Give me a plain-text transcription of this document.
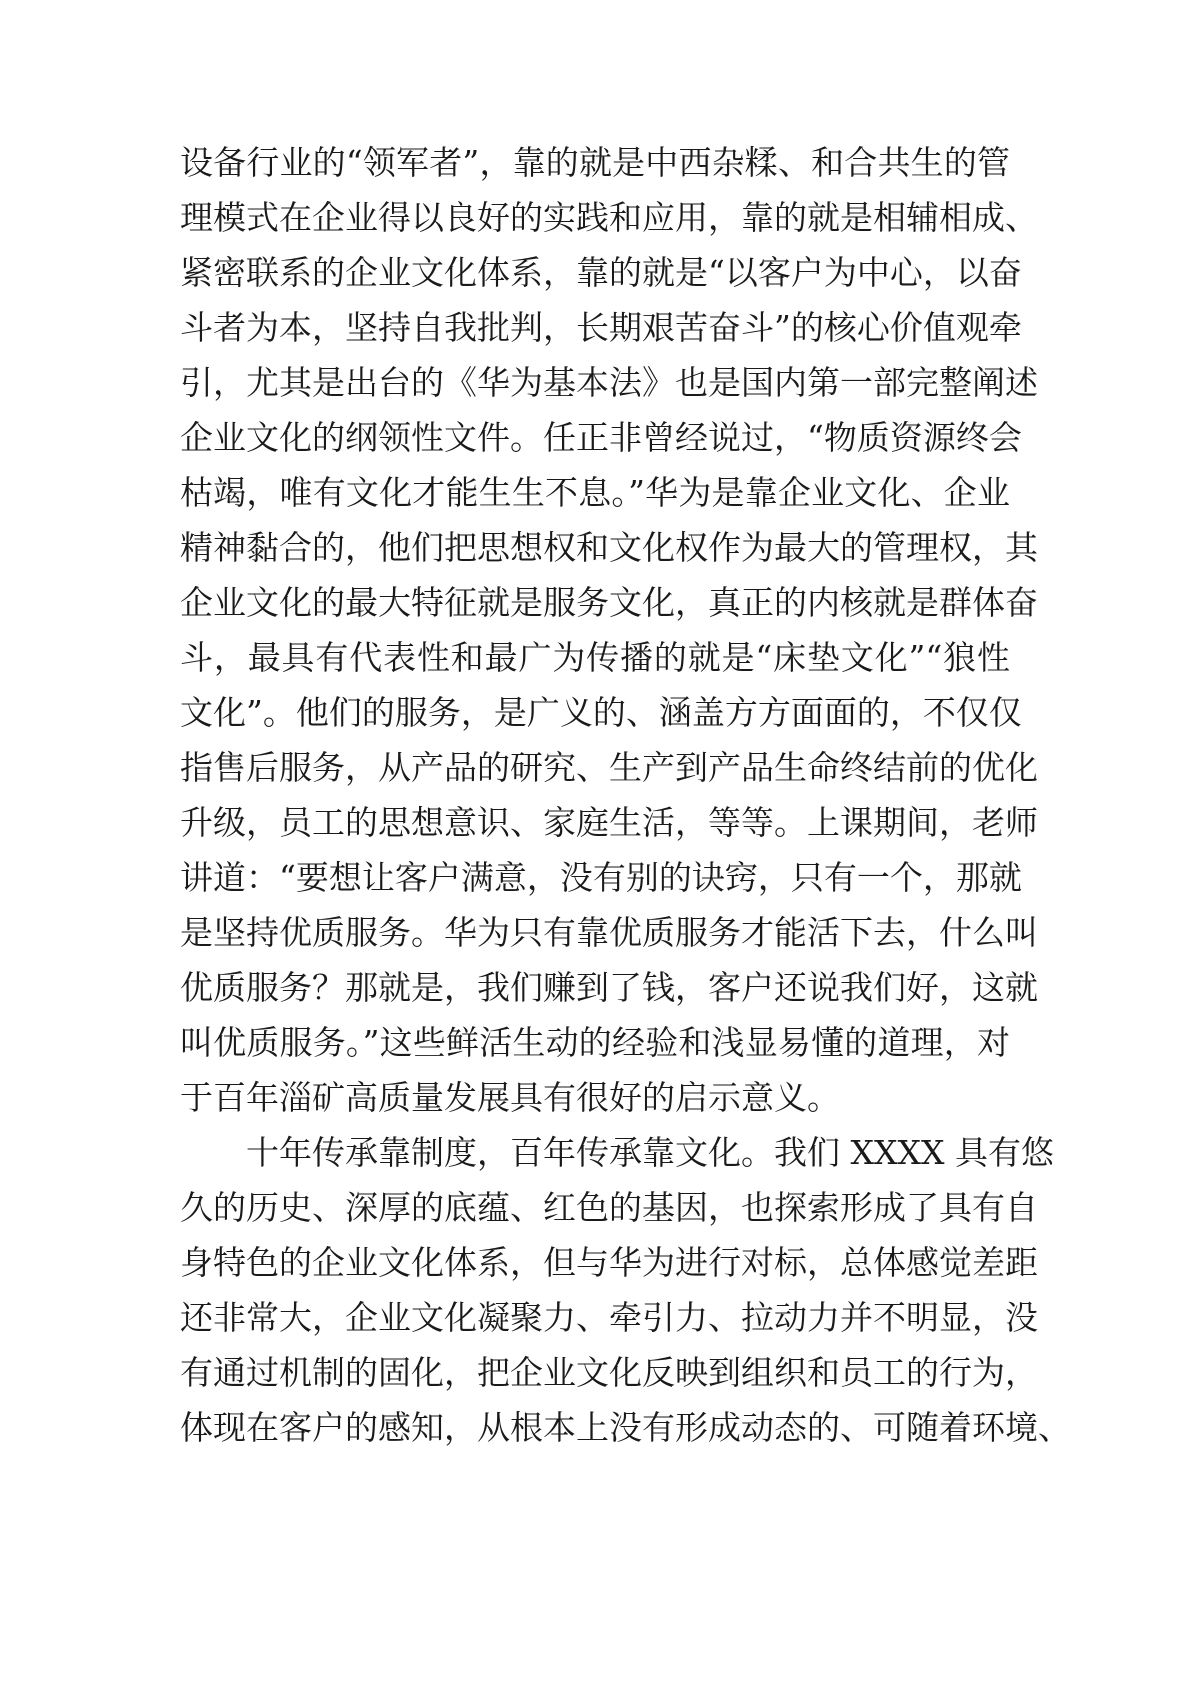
设备行业的“领军者”，靠的就是中西杂糅、和合共生的管
理模式在企业得以良好的实践和应用，靠的就是相辅相成、
紧密联系的企业文化体系，靠的就是“以客户为中心，以奋
斗者为本，坚持自我批判，长期艰苦奋斗”的核心价值观牵
引，尤其是出台的《华为基本法》也是国内第一部完整阐述
企业文化的纲领性文件。任正非曾经说过，“物质资源终会
枯竭，唯有文化才能生生不息。”华为是靠企业文化、企业
精神黏合的，他们把思想权和文化权作为最大的管理权，其
企业文化的最大特征就是服务文化，真正的内核就是群体奋
斗，最具有代表性和最广为传播的就是“床垫文化”“狼性
文化”。他们的服务，是广义的、涵盖方方面面的，不仅仅
指售后服务，从产品的研究、生产到产品生命终结前的优化
升级，员工的思想意识、家庭生活，等等。上课期间，老师
讲道：“要想让客户满意，没有别的诀窍，只有一个，那就
是坚持优质服务。华为只有靠优质服务才能活下去，什么叫
优质服务？那就是，我们赚到了钱，客户还说我们好，这就
叫优质服务。”这些鲜活生动的经验和浅显易懂的道理，对
于百年淄矿高质量发展具有很好的启示意义。
十年传承靠制度，百年传承靠文化。我们 XXXX 具有悠
久的历史、深厚的底蕴、红色的基因，也探索形成了具有自
身特色的企业文化体系，但与华为进行对标，总体感觉差距
还非常大，企业文化凝聚力、牵引力、拉动力并不明显，没
有通过机制的固化，把企业文化反映到组织和员工的行为，
体现在客户的感知，从根本上没有形成动态的、可随着环境、
